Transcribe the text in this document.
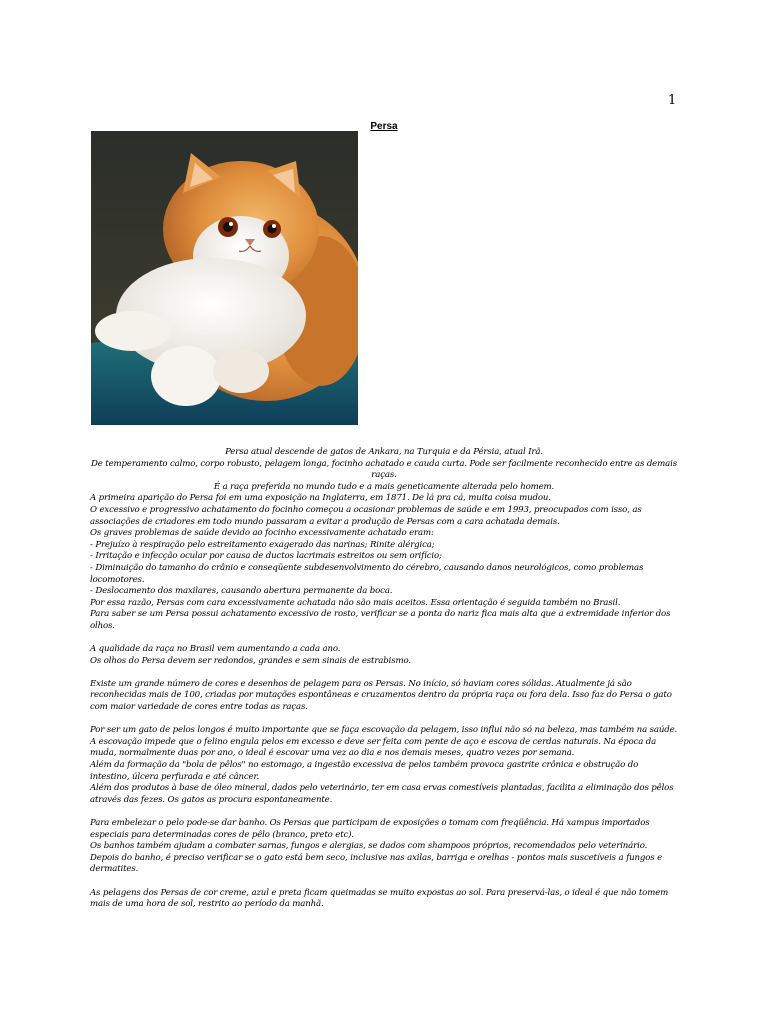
1
Persa

Persa atual descende de gatos de Ankara, na Turquia e da Pérsia, atual Irã.

De temperamento calmo, corpo robusto, pelagem longa, focinho achatado e cauda curta. Pode ser facilmente reconhecido entre as demais raças.

É a raça preferida no mundo tudo e a mais geneticamente alterada pelo homem.

A primeira aparição do Persa foi em uma exposição na Inglaterra, em 1871. De lá pra cá, muita coisa mudou.

O excessivo e progressivo achatamento do focinho começou a ocasionar problemas de saúde e em 1993, preocupados com isso, as associações de criadores em todo mundo passaram a evitar a produção de Persas com a cara achatada demais.

Os graves problemas de saúde devido ao focinho excessivamente achatado eram:

- Prejuízo à respiração pelo estreitamento exagerado das narinas; Rinite alérgica;

- Irritação e infecção ocular por causa de ductos lacrimais estreitos ou sem orifício;

- Diminuição do tamanho do crânio e conseqüente subdesenvolvimento do cérebro, causando danos neurológicos, como problemas locomotores.

- Deslocamento dos maxilares, causando abertura permanente da boca.

Por essa razão, Persas com cara excessivamente achatada não são mais aceitos. Essa orientação é seguida também no Brasil.

Para saber se um Persa possui achatamento excessivo de rosto, verificar se a ponta do nariz fica mais alta que a extremidade inferior dos olhos.

A qualidade da raça no Brasil vem aumentando a cada ano.

Os olhos do Persa devem ser redondos, grandes e sem sinais de estrabismo.

Existe um grande número de cores e desenhos de pelagem para os Persas. No início, só haviam cores sólidas. Atualmente já são reconhecidas mais de 100, criadas por mutações espontâneas e cruzamentos dentro da própria raça ou fora dela. Isso faz do Persa o gato com maior variedade de cores entre todas as raças.

Por ser um gato de pelos longos é muito importante que se faça escovação da pelagem, isso influi não só na beleza, mas também na saúde. A escovação impede que o felino engula pelos em excesso e deve ser feita com pente de aço e escova de cerdas naturais. Na época da muda, normalmente duas por ano, o ideal é escovar uma vez ao dia e nos demais meses, quatro vezes por semana.

Além da formação da "bola de pêlos" no estomago, a ingestão excessiva de pelos também provoca gastrite crônica e obstrução do intestino, úlcera perfurada e até câncer.

Além dos produtos à base de óleo mineral, dados pelo veterinário, ter em casa ervas comestíveis plantadas, facilita a eliminação dos pêlos através das fezes. Os gatos as procura espontaneamente.

Para embelezar o pelo pode-se dar banho. Os Persas que participam de exposições o tomam com freqüência. Há xampus importados especiais para determinadas cores de pêlo (branco, preto etc).

Os banhos também ajudam a combater sarnas, fungos e alergias, se dados com shampoos próprios, recomendados pelo veterinário. Depois do banho, é preciso verificar se o gato está bem seco, inclusive nas axilas, barriga e orelhas - pontos mais suscetíveis a fungos e dermatites.

As pelagens dos Persas de cor creme, azul e preta ficam queimadas se muito expostas ao sol. Para preservá-las, o ideal é que não tomem mais de uma hora de sol, restrito ao período da manhã.
